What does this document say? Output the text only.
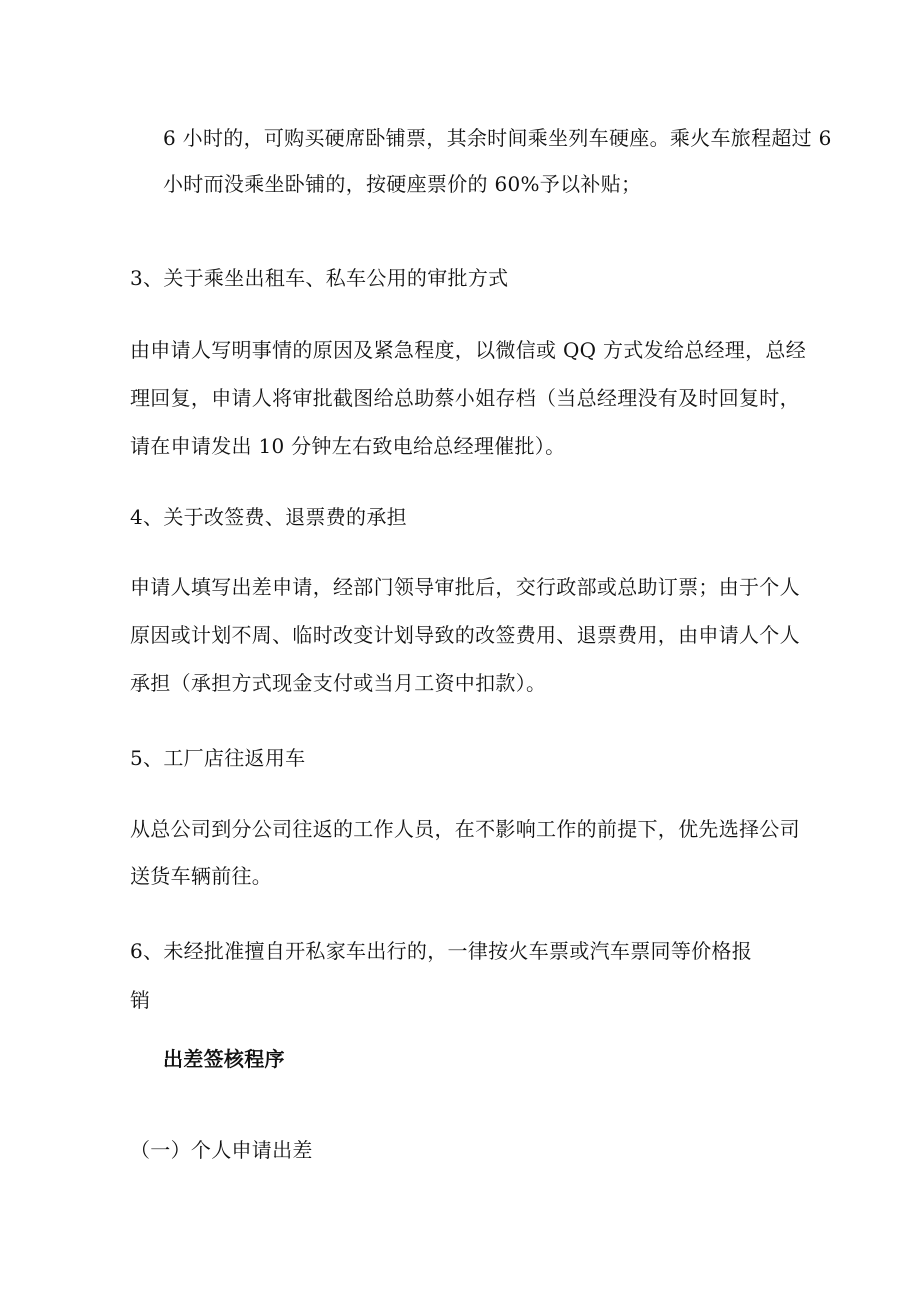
6 小时的，可购买硬席卧铺票，其余时间乘坐列车硬座。乘火车旅程超过 6
小时而没乘坐卧铺的，按硬座票价的 60%予以补贴；
3、关于乘坐出租车、私车公用的审批方式
由申请人写明事情的原因及紧急程度，以微信或 QQ 方式发给总经理，总经
理回复，申请人将审批截图给总助蔡小姐存档（当总经理没有及时回复时，
请在申请发出 10 分钟左右致电给总经理催批）。
4、关于改签费、退票费的承担
申请人填写出差申请，经部门领导审批后，交行政部或总助订票；由于个人
原因或计划不周、临时改变计划导致的改签费用、退票费用，由申请人个人
承担（承担方式现金支付或当月工资中扣款）。
5、工厂店往返用车
从总公司到分公司往返的工作人员，在不影响工作的前提下，优先选择公司
送货车辆前往。
6、未经批准擅自开私家车出行的，一律按火车票或汽车票同等价格报
销
出差签核程序
（一）个人申请出差
